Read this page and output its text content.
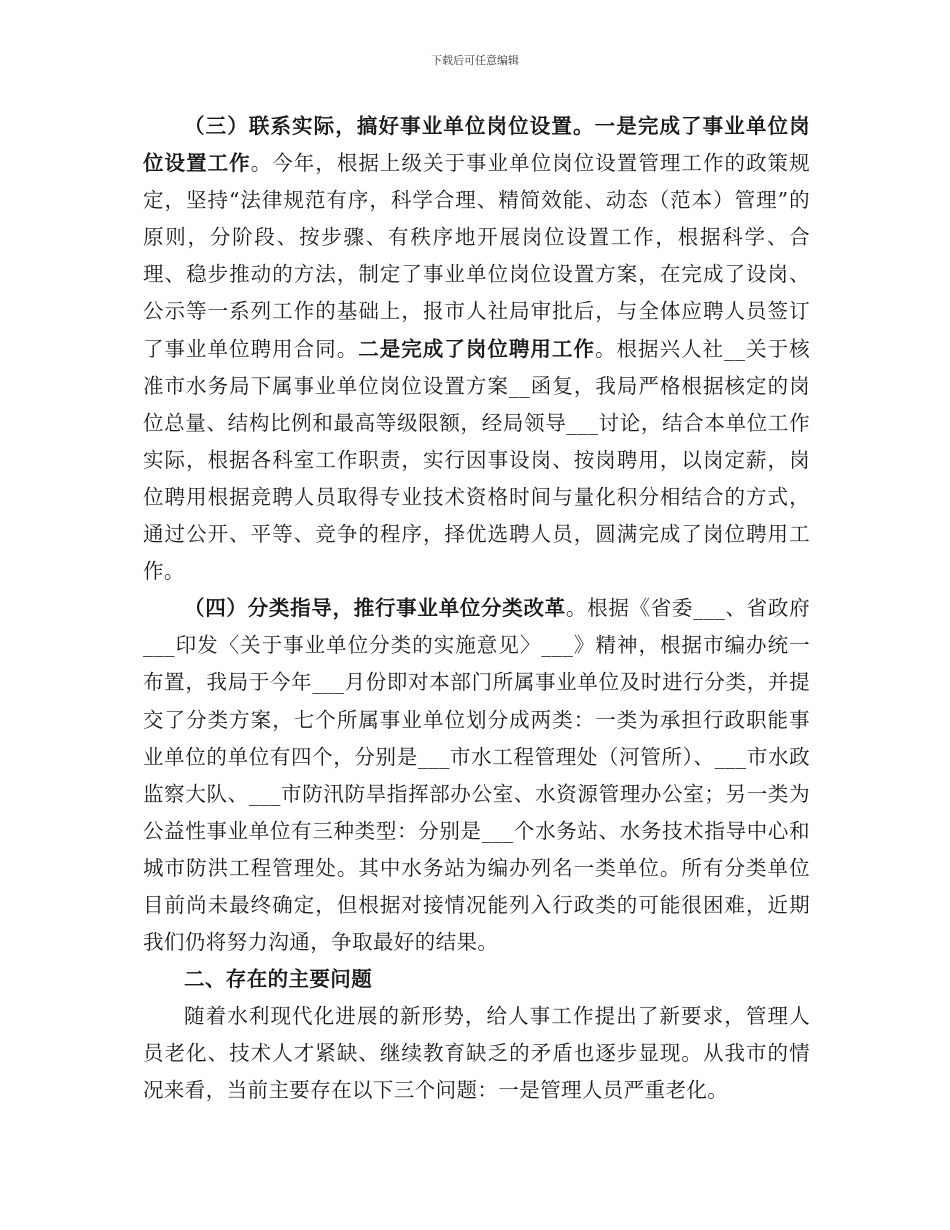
下载后可任意编辑

（三）联系实际，搞好事业单位岗位设置。一是完成了事业单位岗位设置工作。今年，根据上级关于事业单位岗位设置管理工作的政策规定，坚持“法律规范有序，科学合理、精简效能、动态（范本）管理”的原则，分阶段、按步骤、有秩序地开展岗位设置工作，根据科学、合理、稳步推动的方法，制定了事业单位岗位设置方案，在完成了设岗、公示等一系列工作的基础上，报市人社局审批后，与全体应聘人员签订了事业单位聘用合同。二是完成了岗位聘用工作。根据兴人社__关于核准市水务局下属事业单位岗位设置方案__函复，我局严格根据核定的岗位总量、结构比例和最高等级限额，经局领导___讨论，结合本单位工作实际，根据各科室工作职责，实行因事设岗、按岗聘用，以岗定薪，岗位聘用根据竞聘人员取得专业技术资格时间与量化积分相结合的方式，通过公开、平等、竞争的程序，择优选聘人员，圆满完成了岗位聘用工作。

（四）分类指导，推行事业单位分类改革。根据《省委___、省政府___印发〈关于事业单位分类的实施意见〉___》精神，根据市编办统一布置，我局于今年___月份即对本部门所属事业单位及时进行分类，并提交了分类方案，七个所属事业单位划分成两类：一类为承担行政职能事业单位的单位有四个，分别是___市水工程管理处（河管所）、___市水政监察大队、___市防汛防旱指挥部办公室、水资源管理办公室；另一类为公益性事业单位有三种类型：分别是___个水务站、水务技术指导中心和城市防洪工程管理处。其中水务站为编办列名一类单位。所有分类单位目前尚未最终确定，但根据对接情况能列入行政类的可能很困难，近期我们仍将努力沟通，争取最好的结果。

二、存在的主要问题

随着水利现代化进展的新形势，给人事工作提出了新要求，管理人员老化、技术人才紧缺、继续教育缺乏的矛盾也逐步显现。从我市的情况来看，当前主要存在以下三个问题：一是管理人员严重老化。
